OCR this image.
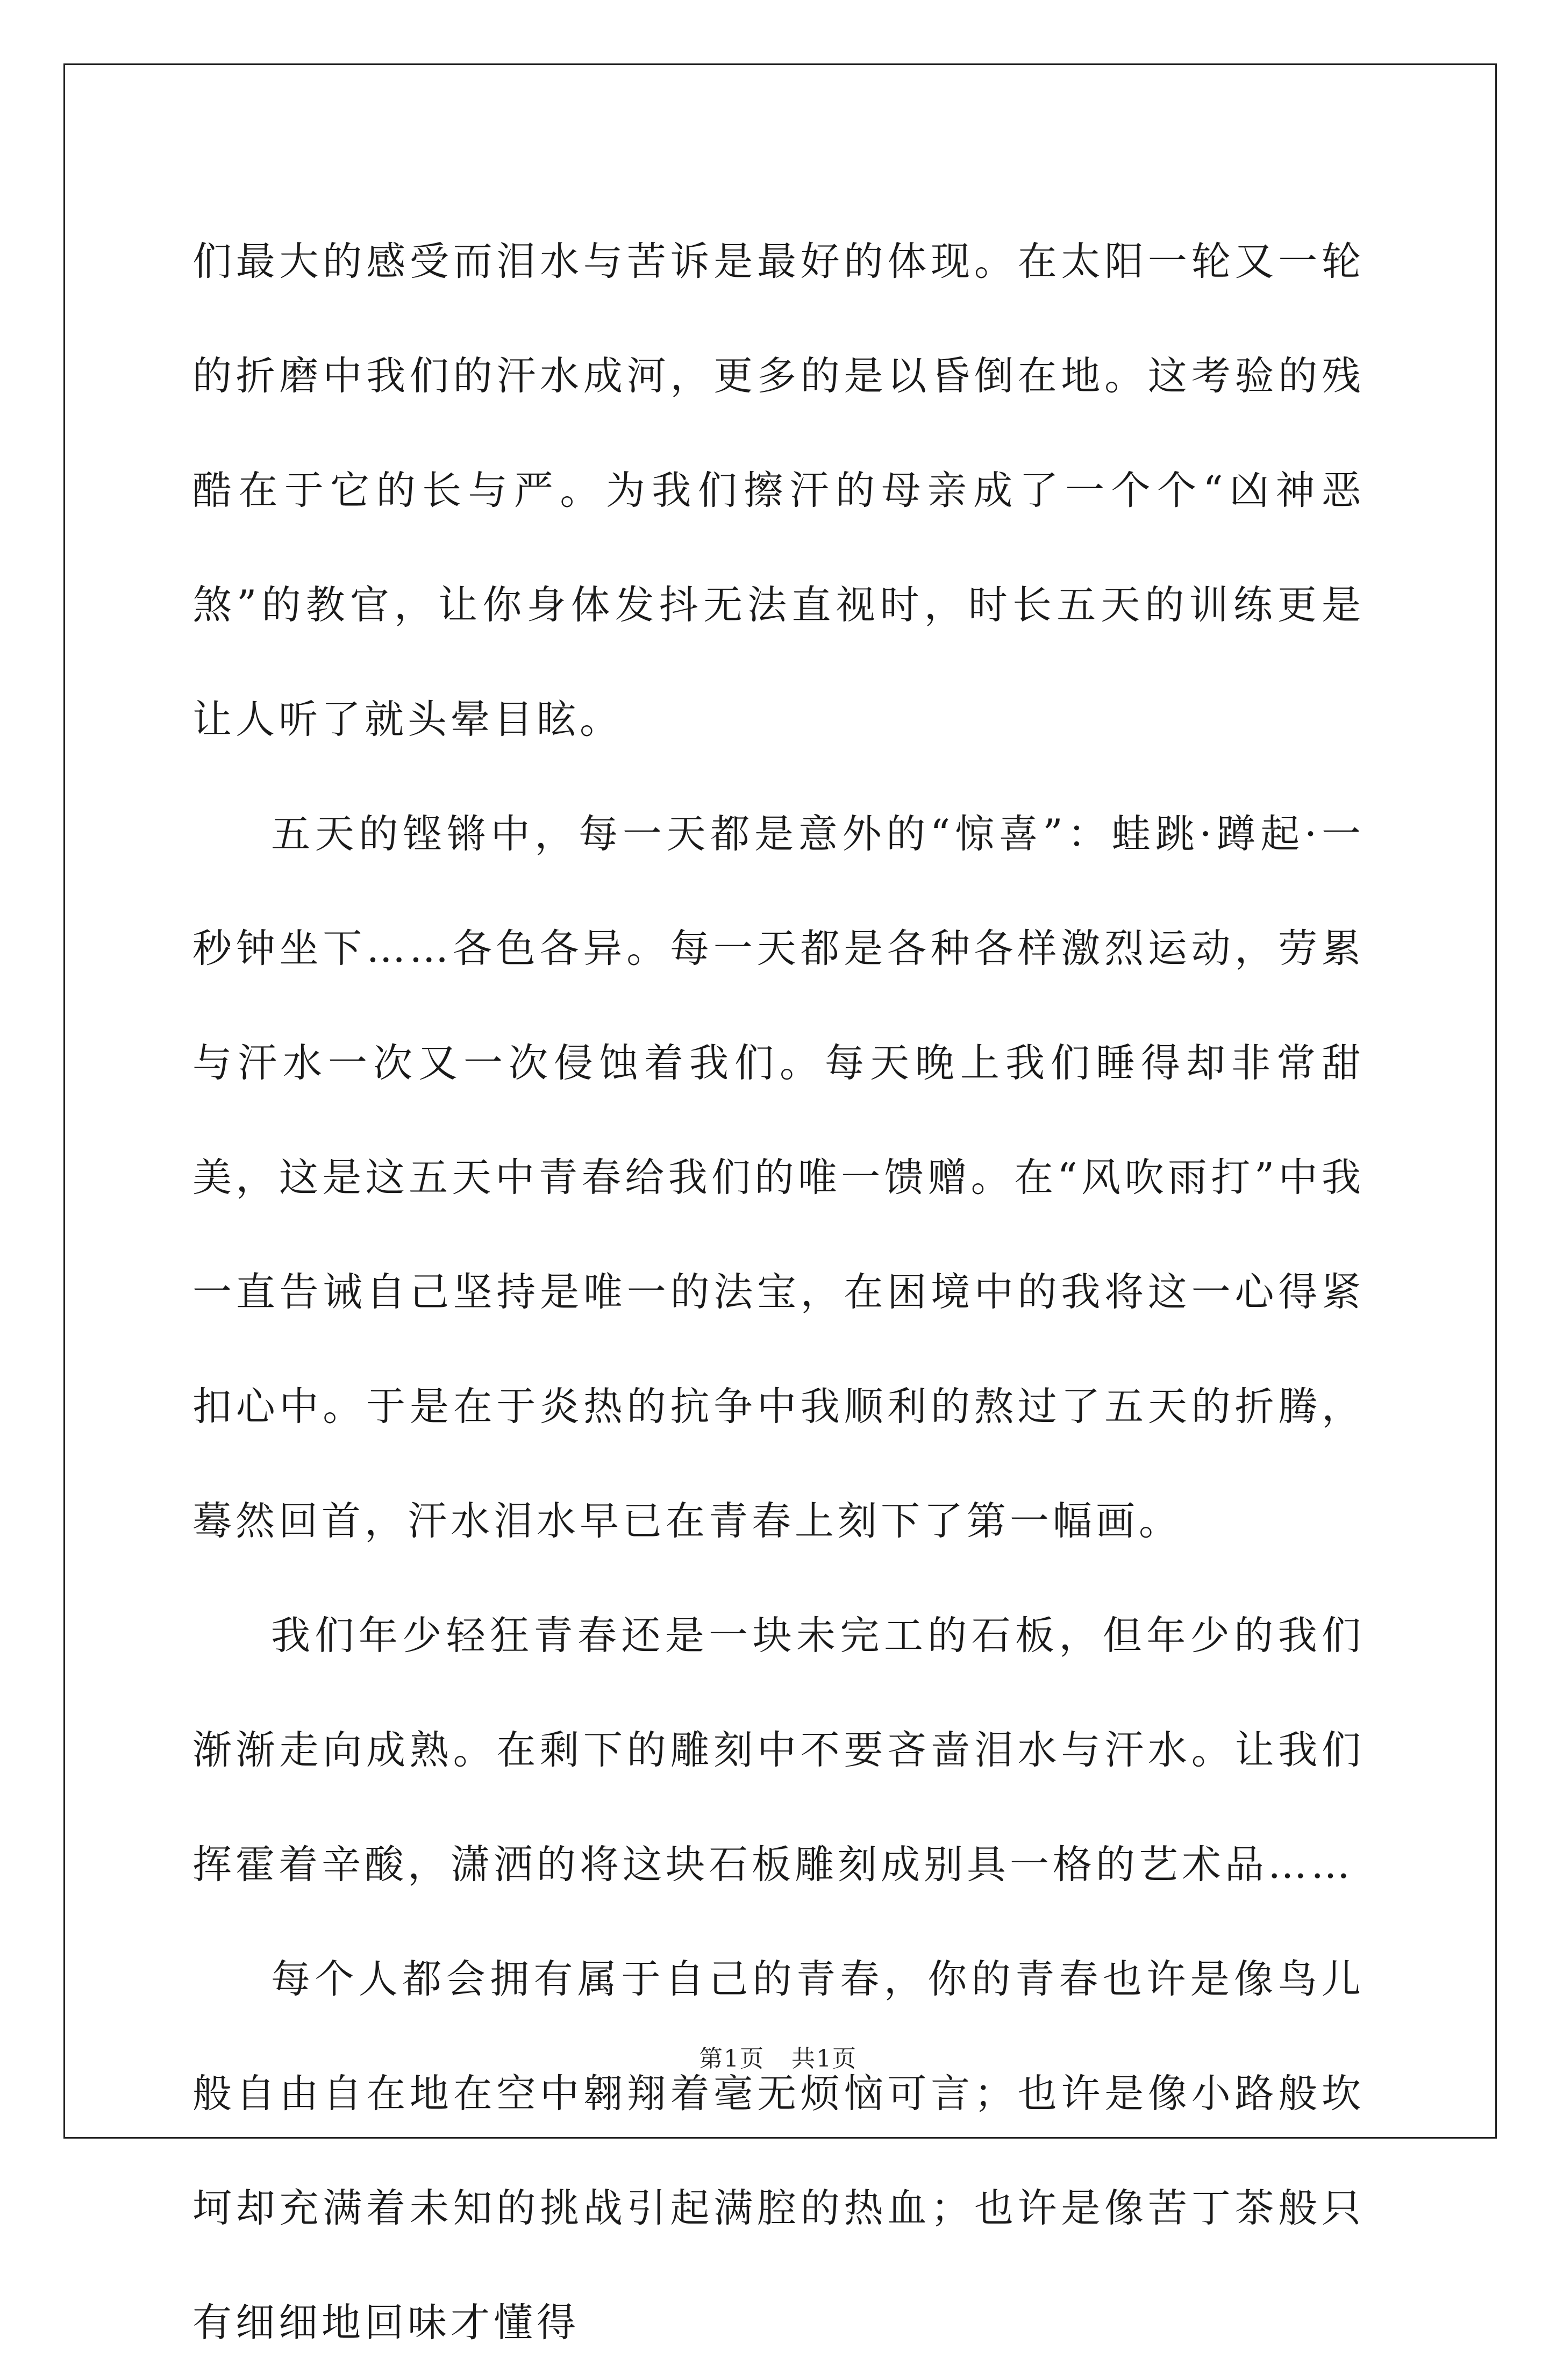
们最大的感受而泪水与苦诉是最好的体现。在太阳一轮又一轮的折磨中我们的汗水成河，更多的是以昏倒在地。这考验的残酷在于它的长与严。为我们擦汗的母亲成了一个个“凶神恶煞”的教官，让你身体发抖无法直视时，时长五天的训练更是让人听了就头晕目眩。

五天的铿锵中，每一天都是意外的“惊喜”：蛙跳·蹲起·一秒钟坐下……各色各异。每一天都是各种各样激烈运动，劳累与汗水一次又一次侵蚀着我们。每天晚上我们睡得却非常甜美，这是这五天中青春给我们的唯一馈赠。在“风吹雨打”中我一直告诫自己坚持是唯一的法宝，在困境中的我将这一心得紧扣心中。于是在于炎热的抗争中我顺利的熬过了五天的折腾，蓦然回首，汗水泪水早已在青春上刻下了第一幅画。

我们年少轻狂青春还是一块未完工的石板，但年少的我们渐渐走向成熟。在剩下的雕刻中不要吝啬泪水与汗水。让我们挥霍着辛酸，潇洒的将这块石板雕刻成别具一格的艺术品……

每个人都会拥有属于自己的青春，你的青春也许是像鸟儿般自由自在地在空中翱翔着毫无烦恼可言；也许是像小路般坎坷却充满着未知的挑战引起满腔的热血；也许是像苦丁茶般只有细细地回味才懂得

第1页 共1页
